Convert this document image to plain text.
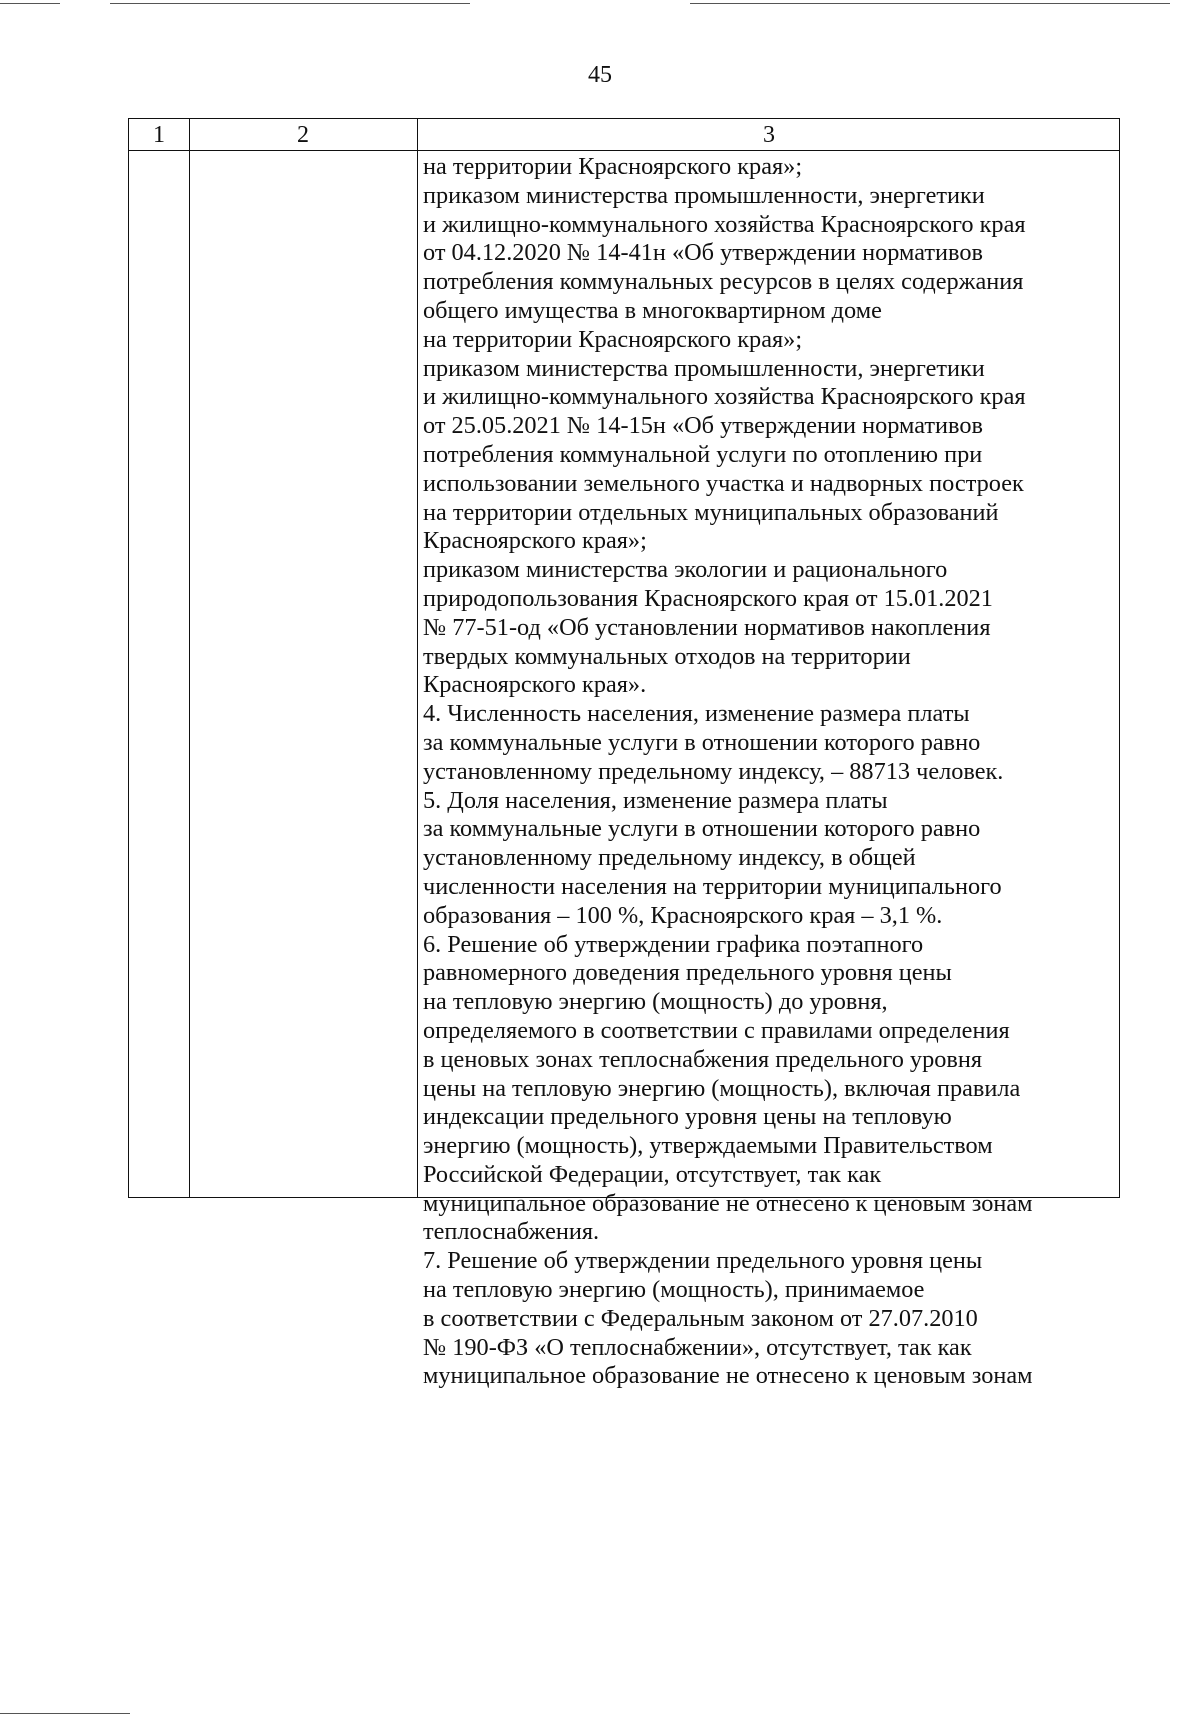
45
1	2	3
на территории Красноярского края»;
приказом министерства промышленности, энергетики
и жилищно-коммунального хозяйства Красноярского края
от 04.12.2020 № 14-41н «Об утверждении нормативов
потребления коммунальных ресурсов в целях содержания
общего имущества в многоквартирном доме
на территории Красноярского края»;
приказом министерства промышленности, энергетики
и жилищно-коммунального хозяйства Красноярского края
от 25.05.2021 № 14-15н «Об утверждении нормативов
потребления коммунальной услуги по отоплению при
использовании земельного участка и надворных построек
на территории отдельных муниципальных образований
Красноярского края»;
приказом министерства экологии и рационального
природопользования Красноярского края от 15.01.2021
№ 77-51-од «Об установлении нормативов накопления
твердых коммунальных отходов на территории
Красноярского края».
4. Численность населения, изменение размера платы
за коммунальные услуги в отношении которого равно
установленному предельному индексу, – 88713 человек.
5. Доля населения, изменение размера платы
за коммунальные услуги в отношении которого равно
установленному предельному индексу, в общей
численности населения на территории муниципального
образования – 100 %, Красноярского края – 3,1 %.
6. Решение об утверждении графика поэтапного
равномерного доведения предельного уровня цены
на тепловую энергию (мощность) до уровня,
определяемого в соответствии с правилами определения
в ценовых зонах теплоснабжения предельного уровня
цены на тепловую энергию (мощность), включая правила
индексации предельного уровня цены на тепловую
энергию (мощность), утверждаемыми Правительством
Российской Федерации, отсутствует, так как
муниципальное образование не отнесено к ценовым зонам
теплоснабжения.
7. Решение об утверждении предельного уровня цены
на тепловую энергию (мощность), принимаемое
в соответствии с Федеральным законом от 27.07.2010
№ 190-ФЗ «О теплоснабжении», отсутствует, так как
муниципальное образование не отнесено к ценовым зонам
